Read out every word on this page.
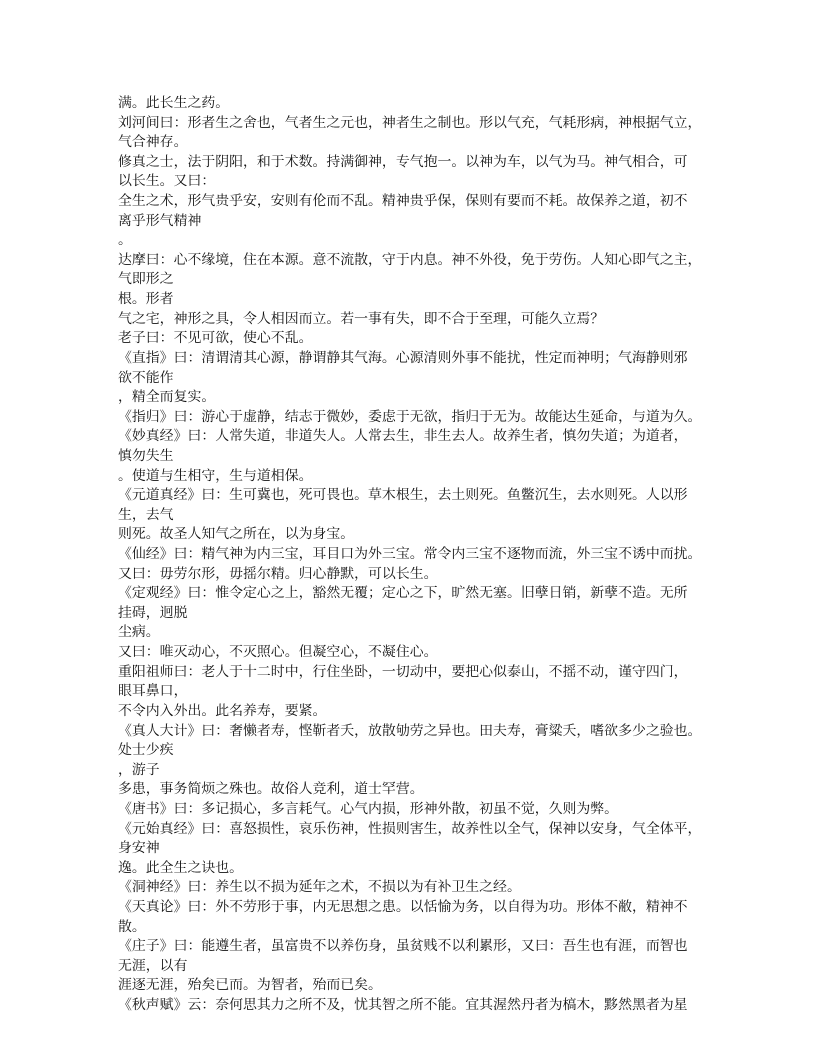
满。此长生之药。
刘河间曰：形者生之舍也，气者生之元也，神者生之制也。形以气充，气耗形病，神根据气立，
气合神存。
修真之士，法于阴阳，和于术数。持满御神，专气抱一。以神为车，以气为马。神气相合，可
以长生。又曰：
全生之术，形气贵乎安，安则有伦而不乱。精神贵乎保，保则有要而不耗。故保养之道，初不
离乎形气精神
。
达摩曰：心不缘境，住在本源。意不流散，守于内息。神不外役，免于劳伤。人知心即气之主，
气即形之
根。形者
气之宅，神形之具，令人相因而立。若一事有失，即不合于至理，可能久立焉？
老子曰：不见可欲，使心不乱。
《直指》曰：清谓清其心源，静谓静其气海。心源清则外事不能扰，性定而神明；气海静则邪
欲不能作
，精全而复实。
《指归》曰：游心于虚静，结志于微妙，委虑于无欲，指归于无为。故能达生延命，与道为久。
《妙真经》曰：人常失道，非道失人。人常去生，非生去人。故养生者，慎勿失道；为道者，
慎勿失生
。使道与生相守，生与道相保。
《元道真经》曰：生可冀也，死可畏也。草木根生，去土则死。鱼鳖沉生，去水则死。人以形
生，去气
则死。故圣人知气之所在，以为身宝。
《仙经》曰：精气神为内三宝，耳目口为外三宝。常令内三宝不逐物而流，外三宝不诱中而扰。
又曰：毋劳尔形，毋摇尔精。归心静默，可以长生。
《定观经》曰：惟令定心之上，豁然无覆；定心之下，旷然无塞。旧孽日销，新孽不造。无所
挂碍，迥脱
尘病。
又曰：唯灭动心，不灭照心。但凝空心，不凝住心。
重阳祖师曰：老人于十二时中，行住坐卧，一切动中，要把心似泰山，不摇不动，谨守四门，
眼耳鼻口，
不令内入外出。此名养寿，要紧。
《真人大计》曰：奢懒者寿，悭靳者夭，放散劬劳之异也。田夫寿，膏粱夭，嗜欲多少之验也。
处士少疾
，游子
多患，事务简烦之殊也。故俗人竞利，道士罕营。
《唐书》曰：多记损心，多言耗气。心气内损，形神外散，初虽不觉，久则为弊。
《元始真经》曰：喜怒损性，哀乐伤神，性损则害生，故养性以全气，保神以安身，气全体平，
身安神
逸。此全生之诀也。
《洞神经》曰：养生以不损为延年之术，不损以为有补卫生之经。
《天真论》曰：外不劳形于事，内无思想之患。以恬愉为务，以自得为功。形体不敝，精神不
散。
《庄子》曰：能遵生者，虽富贵不以养伤身，虽贫贱不以利累形，又曰：吾生也有涯，而智也
无涯，以有
涯逐无涯，殆矣已而。为智者，殆而已矣。
《秋声赋》云：奈何思其力之所不及，忧其智之所不能。宜其渥然丹者为槁木，黟然黑者为星
